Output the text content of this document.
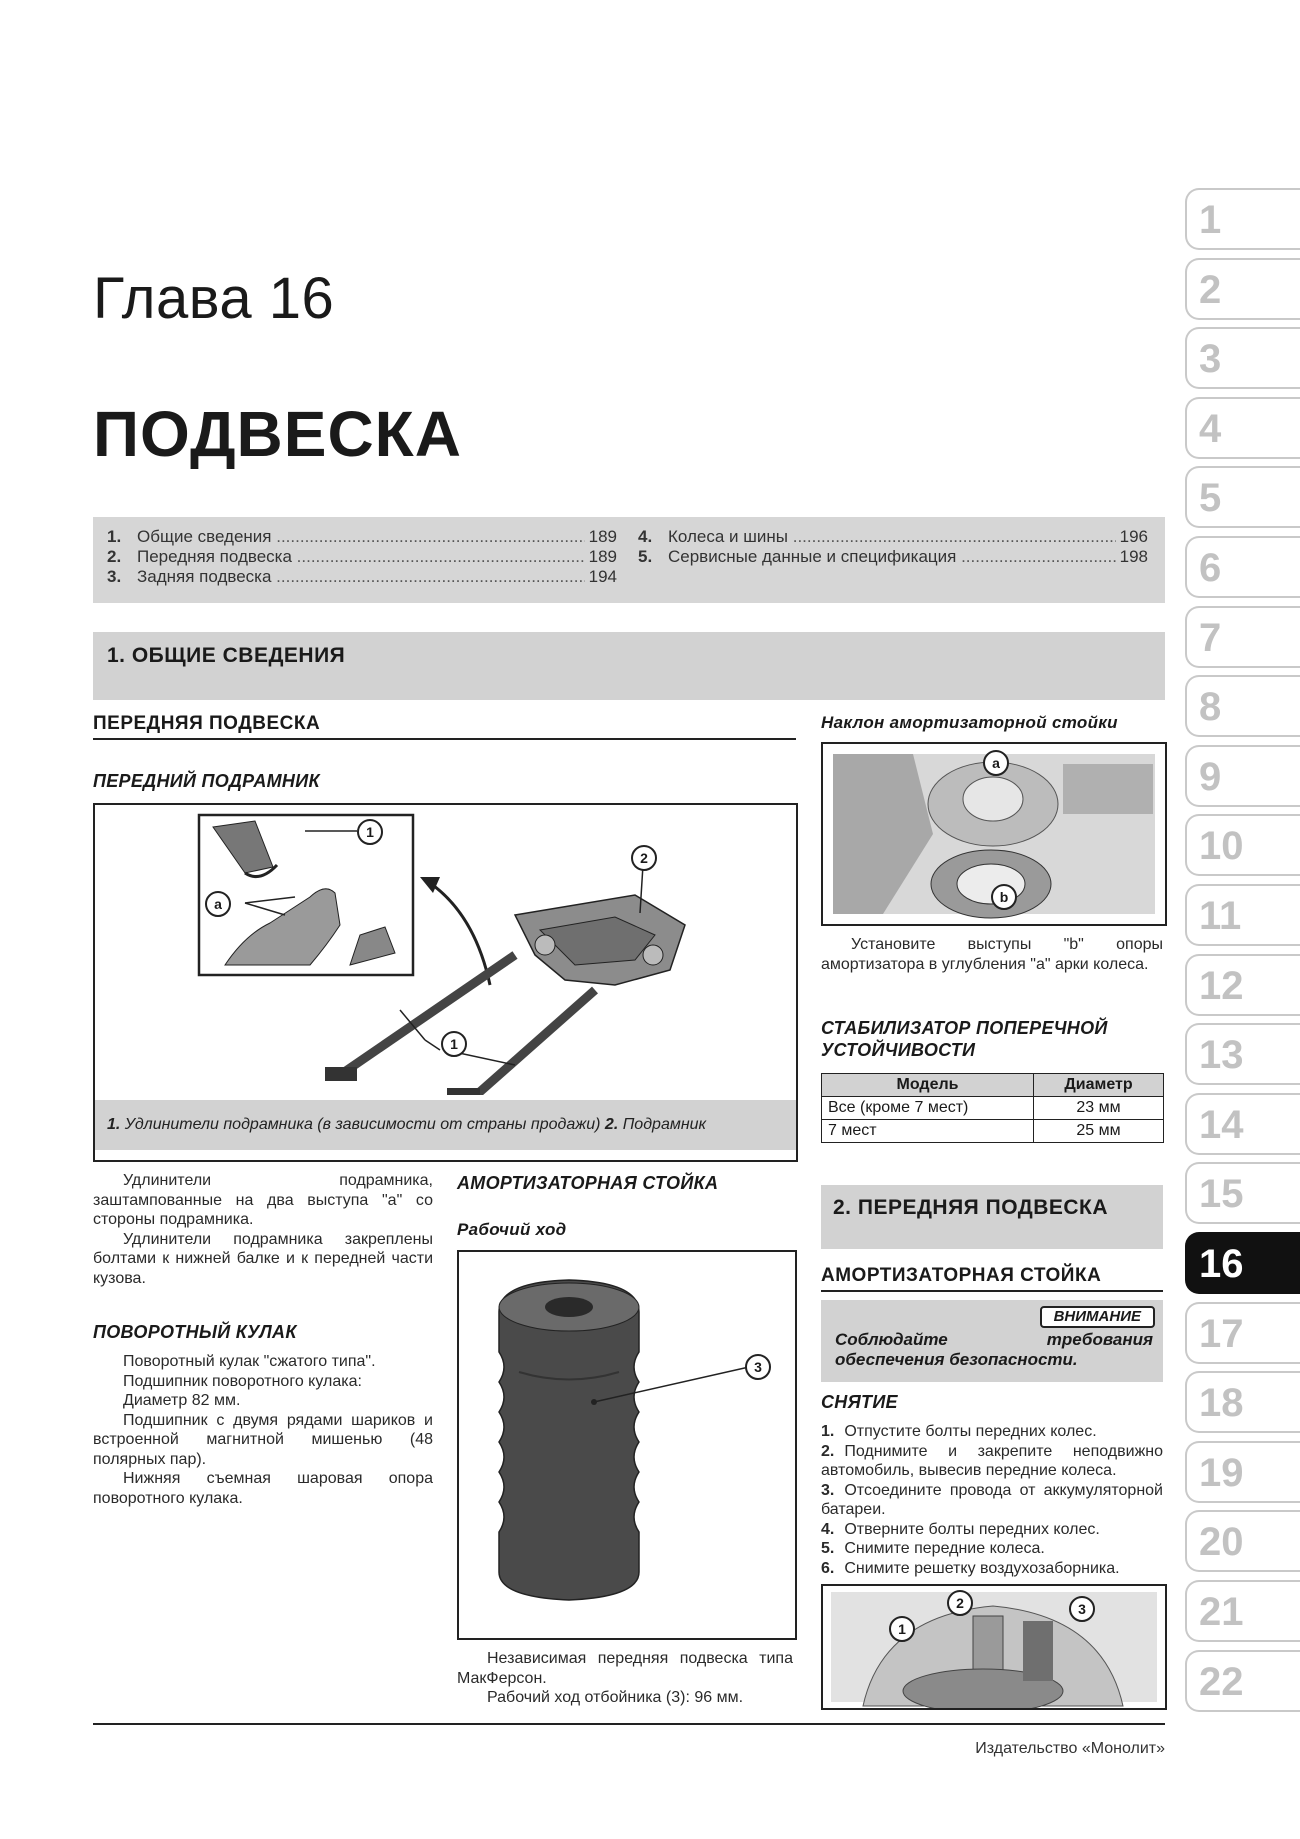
Глава 16
ПОДВЕСКА
1. Общие сведения .....	189
2. Передняя подвеска .....	189
3. Задняя подвеска .....	194
4. Колеса и шины .....	196
5. Сервисные данные и спецификация .....	198
1. ОБЩИЕ СВЕДЕНИЯ
ПЕРЕДНЯЯ ПОДВЕСКА
ПЕРЕДНИЙ ПОДРАМНИК
1
a
2
1
1. Удлинители подрамника (в зависимости от страны продажи) 2. Подрамник

Удлинители подрамника, заштампованные на два выступа "a" со стороны подрамника.

Удлинители подрамника закреплены болтами к нижней балке и к передней части кузова.

ПОВОРОТНЫЙ КУЛАК

Поворотный кулак "сжатого типа".

Подшипник поворотного кулака:

Диаметр 82 мм.

Подшипник с двумя рядами шариков и встроенной магнитной мишенью (48 полярных пар).

Нижняя съемная шаровая опора поворотного кулака.

АМОРТИЗАТОРНАЯ СТОЙКА
Рабочий ход
3

Независимая передняя подвеска типа МакФерсон.

Рабочий ход отбойника (3): 96 мм.

Наклон амортизаторной стойки
a
b

Установите выступы "b" опоры амортизатора в углубления "a" арки колеса.

СТАБИЛИЗАТОР ПОПЕРЕЧНОЙ
УСТОЙЧИВОСТИ
Модель	Диаметр
Все (кроме 7 мест)	23 мм
7 мест	25 мм
2. ПЕРЕДНЯЯ ПОДВЕСКА
АМОРТИЗАТОРНАЯ СТОЙКА
ВНИМАНИЕ
Соблюдайте требования обеспечения безопасности.
СНЯТИЕ
1. Отпустите болты передних колес.
2. Поднимите и закрепите неподвижно автомобиль, вывесив передние колеса.
3. Отсоедините провода от аккумуляторной батареи.
4. Отверните болты передних колес.
5. Снимите передние колеса.
6. Снимите решетку воздухозаборника.
1
2	3
Издательство «Монолит»
1
2
3
4
5
6
7
8
9
10
11
12
13
14
15
16
17
18
19
20
21
22
